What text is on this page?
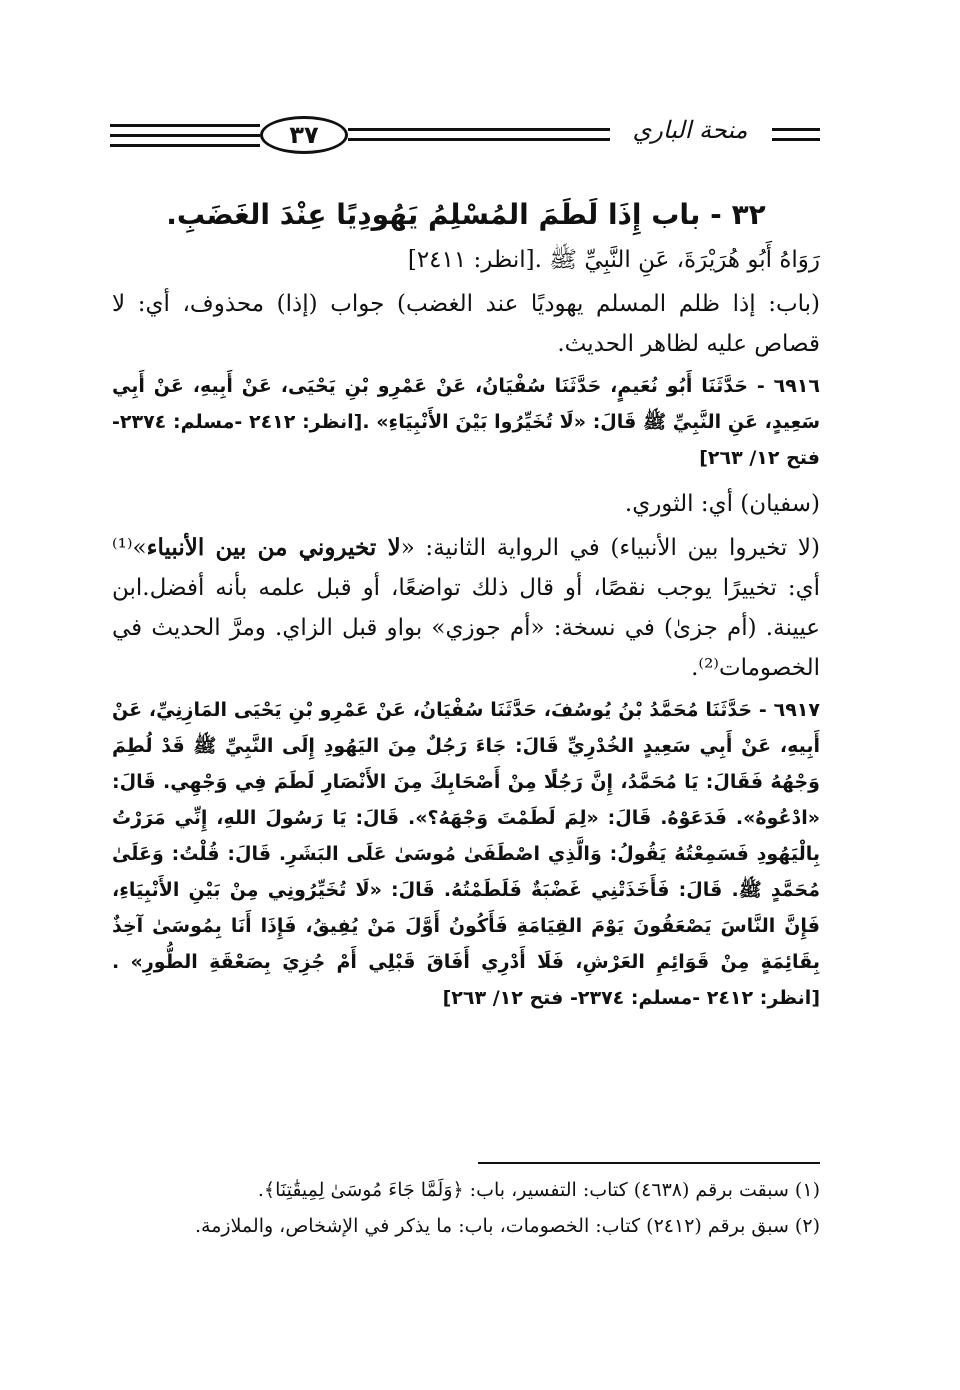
٣٧	منحة الباري
٣٢ - باب إِذَا لَطَمَ المُسْلِمُ يَهُودِيًا عِنْدَ الغَضَبِ.

رَوَاهُ أَبُو هُرَيْرَةَ، عَنِ النَّبِيِّ ﷺ .[انظر: ٢٤١١]

(باب: إذا ظلم المسلم يهوديًا عند الغضب) جواب (إذا) محذوف، أي: لا قصاص عليه لظاهر الحديث.

٦٩١٦ - حَدَّثَنَا أَبُو نُعَيمٍ، حَدَّثَنَا سُفْيَانُ، عَنْ عَمْرِو بْنِ يَحْيَى، عَنْ أَبِيهِ، عَنْ أَبِي سَعِيدٍ، عَنِ النَّبِيِّ ﷺ قَالَ: «لَا تُخَيِّرُوا بَيْنَ الأَنْبِيَاءِ» .[انظر: ٢٤١٢ -مسلم: ٢٣٧٤- فتح ١٢/ ٢٦٣]

(سفيان) أي: الثوري.

(لا تخيروا بين الأنبياء) في الرواية الثانية: «لا تخيروني من بين الأنبياء»⁽¹⁾ أي: تخييرًا يوجب نقصًا، أو قال ذلك تواضعًا، أو قبل علمه بأنه أفضل.ابن عيينة. (أم جزىٰ) في نسخة: «أم جوزي» بواو قبل الزاي. ومرَّ الحديث في الخصومات⁽²⁾.

٦٩١٧ - حَدَّثَنَا مُحَمَّدُ بْنُ يُوسُفَ، حَدَّثَنَا سُفْيَانُ، عَنْ عَمْرِو بْنِ يَحْيَى المَازِنِيِّ، عَنْ أَبِيهِ، عَنْ أَبِي سَعِيدٍ الخُدْرِيِّ قَالَ: جَاءَ رَجُلٌ مِنَ اليَهُودِ إِلَى النَّبِيِّ ﷺ قَدْ لُطِمَ وَجْهُهُ فَقَالَ: يَا مُحَمَّدُ، إِنَّ رَجُلًا مِنْ أَصْحَابِكَ مِنَ الأَنْصَارِ لَطَمَ فِي وَجْهِي. قَالَ: «ادْعُوهُ». فَدَعَوْهُ. قَالَ: «لِمَ لَطَمْتَ وَجْهَهُ؟». قَالَ: يَا رَسُولَ اللهِ، إِنِّي مَرَرْتُ بِالْيَهُودِ فَسَمِعْتُهُ يَقُولُ: وَالَّذِي اصْطَفَىٰ مُوسَىٰ عَلَى البَشَرِ. قَالَ: قُلْتُ: وَعَلَىٰ مُحَمَّدٍ ﷺ. قَالَ: فَأَخَذَتْنِي غَضْبَةٌ فَلَطَمْتُهُ. قَالَ: «لَا تُخَيِّرُونِي مِنْ بَيْنِ الأَنْبِيَاءِ، فَإِنَّ النَّاسَ يَصْعَقُونَ يَوْمَ القِيَامَةِ فَأَكُونُ أَوَّلَ مَنْ يُفِيقُ، فَإِذَا أَنَا بِمُوسَىٰ آخِذٌ بِقَائِمَةٍ مِنْ قَوَائِمِ العَرْشِ، فَلَا أَدْرِي أَفَاقَ قَبْلِي أَمْ جُزِيَ بِصَعْقَةِ الطُّورِ» .[انظر: ٢٤١٢ -مسلم: ٢٣٧٤- فتح ١٢/ ٢٦٣]

(١) سبقت برقم (٤٦٣٨) كتاب: التفسير، باب: ﴿وَلَمَّا جَاءَ مُوسَىٰ لِمِيقَٰتِنَا﴾.

(٢) سبق برقم (٢٤١٢) كتاب: الخصومات، باب: ما يذكر في الإشخاص، والملازمة.
